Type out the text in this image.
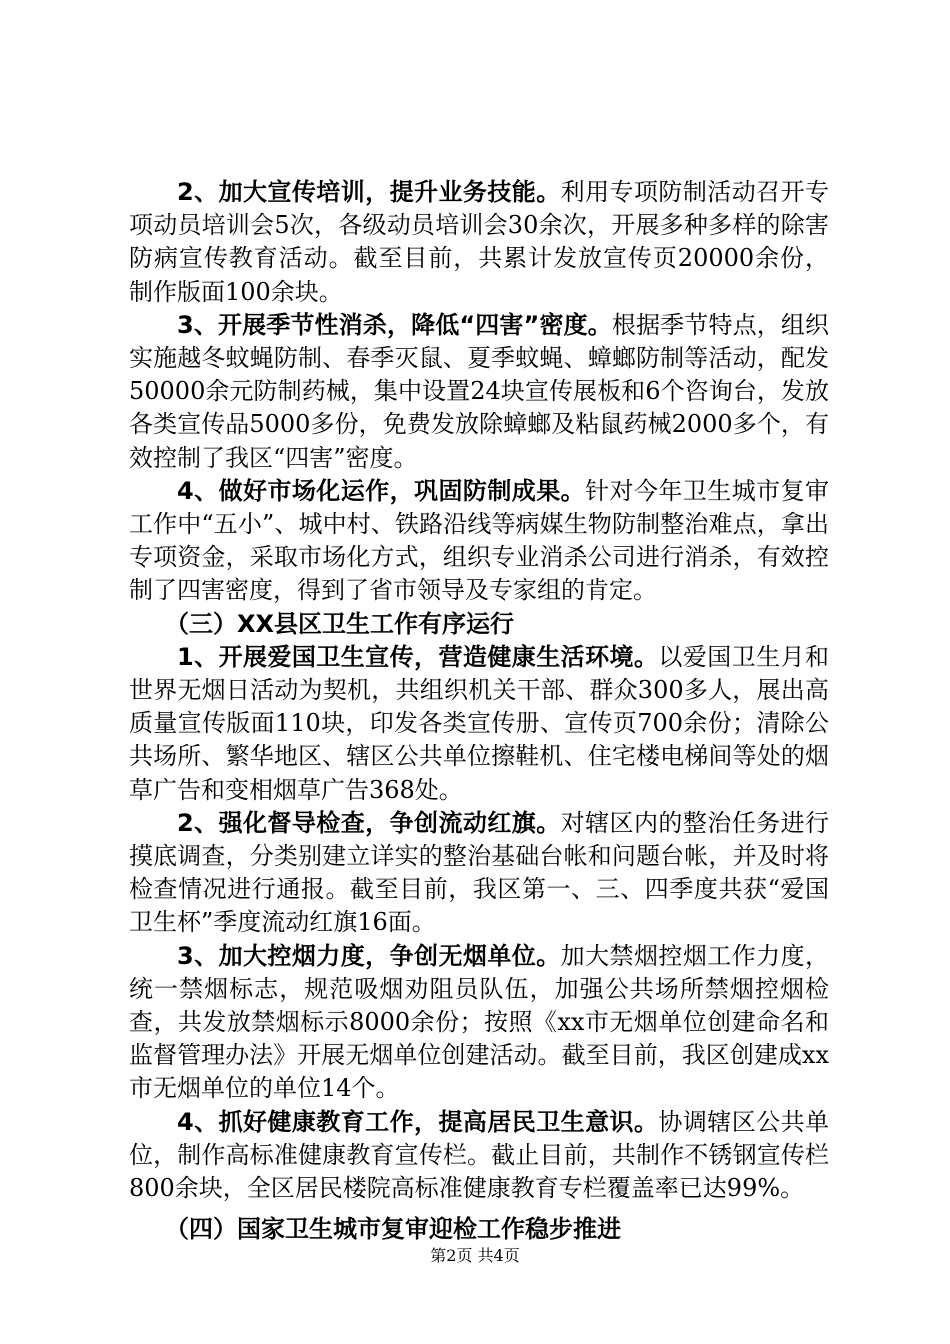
2、加大宣传培训，提升业务技能。利用专项防制活动召开专项动员培训会5次，各级动员培训会30余次，开展多种多样的除害防病宣传教育活动。截至目前，共累计发放宣传页20000余份，制作版面100余块。

3、开展季节性消杀，降低“四害”密度。根据季节特点，组织实施越冬蚊蝇防制、春季灭鼠、夏季蚊蝇、蟑螂防制等活动，配发50000余元防制药械，集中设置24块宣传展板和6个咨询台，发放各类宣传品5000多份，免费发放除蟑螂及粘鼠药械2000多个，有效控制了我区“四害”密度。

4、做好市场化运作，巩固防制成果。针对今年卫生城市复审工作中“五小”、城中村、铁路沿线等病媒生物防制整治难点，拿出专项资金，采取市场化方式，组织专业消杀公司进行消杀，有效控制了四害密度，得到了省市领导及专家组的肯定。

（三）XX县区卫生工作有序运行

1、开展爱国卫生宣传，营造健康生活环境。以爱国卫生月和世界无烟日活动为契机，共组织机关干部、群众300多人，展出高质量宣传版面110块，印发各类宣传册、宣传页700余份；清除公共场所、繁华地区、辖区公共单位擦鞋机、住宅楼电梯间等处的烟草广告和变相烟草广告368处。

2、强化督导检查，争创流动红旗。对辖区内的整治任务进行摸底调查，分类别建立详实的整治基础台帐和问题台帐，并及时将检查情况进行通报。截至目前，我区第一、三、四季度共获“爱国卫生杯”季度流动红旗16面。

3、加大控烟力度，争创无烟单位。加大禁烟控烟工作力度，统一禁烟标志，规范吸烟劝阻员队伍，加强公共场所禁烟控烟检查，共发放禁烟标示8000余份；按照《xx市无烟单位创建命名和监督管理办法》开展无烟单位创建活动。截至目前，我区创建成xx市无烟单位的单位14个。

4、抓好健康教育工作，提高居民卫生意识。协调辖区公共单位，制作高标准健康教育宣传栏。截止目前，共制作不锈钢宣传栏800余块，全区居民楼院高标准健康教育专栏覆盖率已达99%。

（四）国家卫生城市复审迎检工作稳步推进

第2页 共4页
